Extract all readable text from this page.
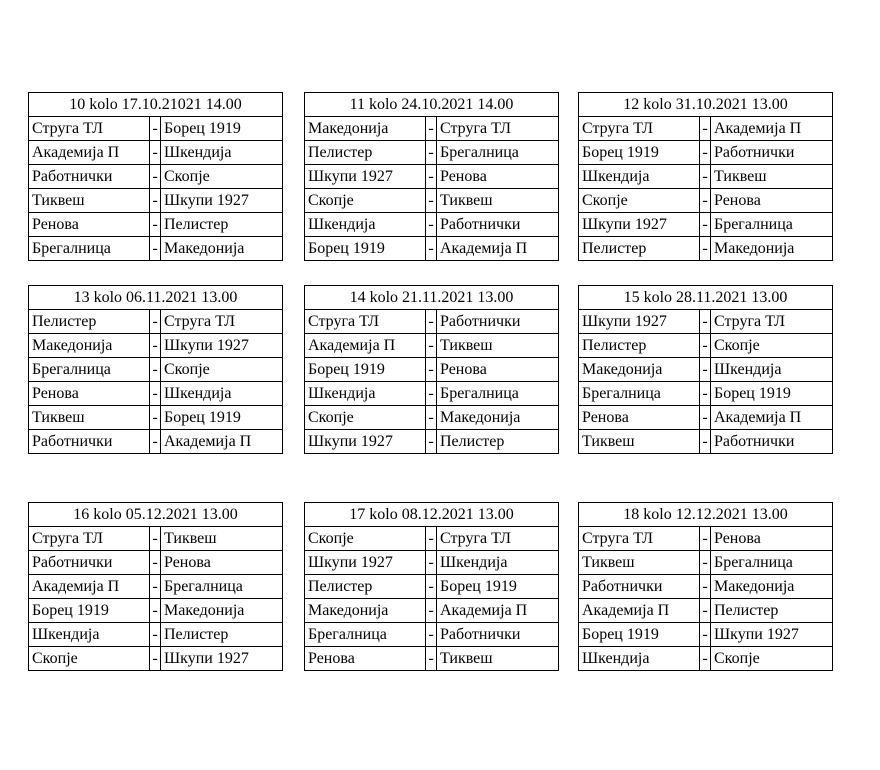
10 kolo 17.10.21021 14.00		
Струга ТЛ	-	Борец 1919
Академија П	-	Шкендија
Работнички	-	Скопје
Тиквеш	-	Шкупи 1927
Ренова	-	Пелистер
Брегалница	-	Македонија
11 kolo 24.10.2021 14.00		
Македонија	-	Струга ТЛ
Пелистер	-	Брегалница
Шкупи 1927	-	Ренова
Скопје	-	Тиквеш
Шкендија	-	Работнички
Борец 1919	-	Академија П
12 kolo 31.10.2021 13.00		
Струга ТЛ	-	Академија П
Борец 1919	-	Работнички
Шкендија	-	Тиквеш
Скопје	-	Ренова
Шкупи 1927	-	Брегалница
Пелистер	-	Македонија
13 kolo 06.11.2021 13.00		
Пелистер	-	Струга ТЛ
Македонија	-	Шкупи 1927
Брегалница	-	Скопје
Ренова	-	Шкендија
Тиквеш	-	Борец 1919
Работнички	-	Академија П
14 kolo 21.11.2021 13.00		
Струга ТЛ	-	Работнички
Академија П	-	Тиквеш
Борец 1919	-	Ренова
Шкендија	-	Брегалница
Скопје	-	Македонија
Шкупи 1927	-	Пелистер
15 kolo 28.11.2021 13.00		
Шкупи 1927	-	Струга ТЛ
Пелистер	-	Скопје
Македонија	-	Шкендија
Брегалница	-	Борец 1919
Ренова	-	Академија П
Тиквеш	-	Работнички
16 kolo 05.12.2021 13.00		
Струга ТЛ	-	Тиквеш
Работнички	-	Ренова
Академија П	-	Брегалница
Борец 1919	-	Македонија
Шкендија	-	Пелистер
Скопје	-	Шкупи 1927
17 kolo 08.12.2021 13.00		
Скопје	-	Струга ТЛ
Шкупи 1927	-	Шкендија
Пелистер	-	Борец 1919
Македонија	-	Академија П
Брегалница	-	Работнички
Ренова	-	Тиквеш
18 kolo 12.12.2021 13.00		
Струга ТЛ	-	Ренова
Тиквеш	-	Брегалница
Работнички	-	Македонија
Академија П	-	Пелистер
Борец 1919	-	Шкупи 1927
Шкендија	-	Скопје
